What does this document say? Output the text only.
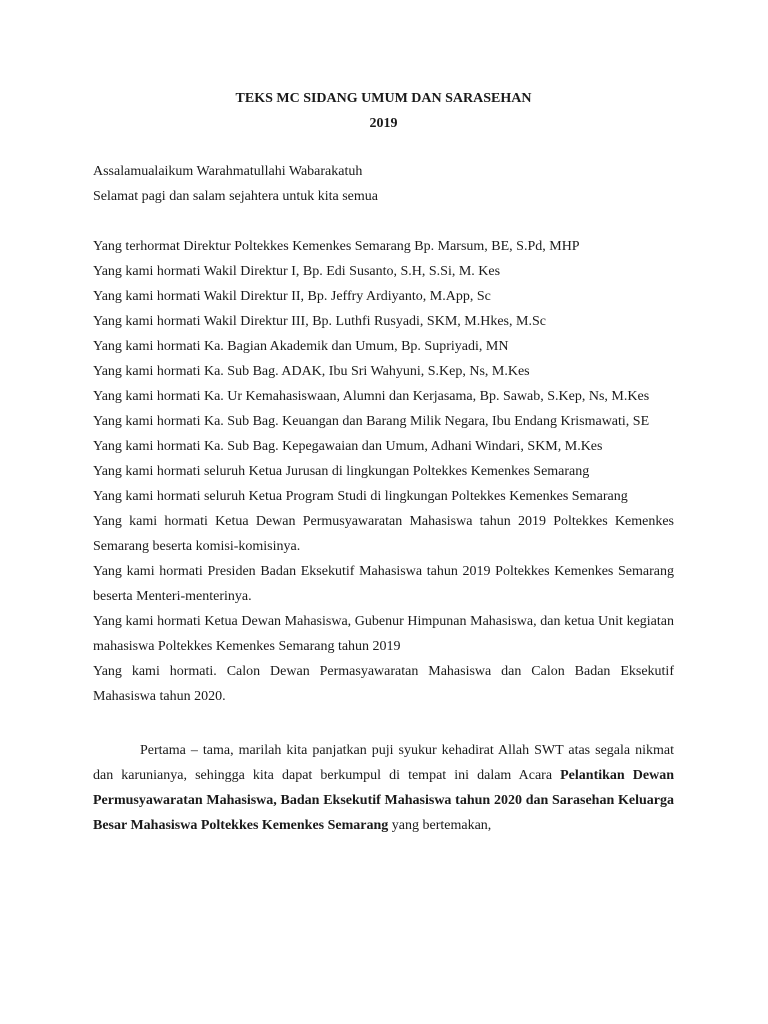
TEKS MC SIDANG UMUM DAN SARASEHAN
2019
Assalamualaikum Warahmatullahi Wabarakatuh
Selamat pagi dan salam sejahtera untuk kita semua
Yang terhormat Direktur Poltekkes Kemenkes Semarang Bp. Marsum, BE, S.Pd, MHP
Yang kami hormati Wakil Direktur I, Bp. Edi Susanto, S.H, S.Si, M. Kes
Yang kami hormati Wakil Direktur II, Bp. Jeffry Ardiyanto, M.App, Sc
Yang kami hormati Wakil Direktur III, Bp. Luthfi Rusyadi, SKM, M.Hkes, M.Sc
Yang kami hormati Ka. Bagian Akademik dan Umum, Bp. Supriyadi, MN
Yang kami hormati Ka. Sub Bag. ADAK, Ibu Sri Wahyuni, S.Kep, Ns, M.Kes
Yang kami hormati Ka. Ur Kemahasiswaan, Alumni dan Kerjasama, Bp. Sawab, S.Kep, Ns, M.Kes
Yang kami hormati Ka. Sub Bag. Keuangan dan Barang Milik Negara, Ibu Endang Krismawati, SE
Yang kami hormati Ka. Sub Bag. Kepegawaian dan Umum, Adhani Windari, SKM, M.Kes
Yang kami hormati seluruh Ketua Jurusan di lingkungan Poltekkes Kemenkes Semarang
Yang kami hormati seluruh Ketua Program Studi di lingkungan Poltekkes Kemenkes Semarang
Yang kami hormati Ketua Dewan Permusyawaratan Mahasiswa tahun 2019 Poltekkes Kemenkes Semarang beserta komisi-komisinya.
Yang kami hormati Presiden Badan Eksekutif Mahasiswa tahun 2019 Poltekkes Kemenkes Semarang beserta Menteri-menterinya.
Yang kami hormati Ketua Dewan Mahasiswa, Gubenur Himpunan Mahasiswa, dan ketua Unit kegiatan mahasiswa Poltekkes Kemenkes Semarang tahun 2019
Yang kami hormati. Calon Dewan Permasyawaratan Mahasiswa dan Calon Badan Eksekutif Mahasiswa tahun 2020.
Pertama – tama, marilah kita panjatkan puji syukur kehadirat Allah SWT atas segala nikmat dan karunianya, sehingga kita dapat berkumpul di tempat ini dalam Acara Pelantikan Dewan Permusyawaratan Mahasiswa, Badan Eksekutif Mahasiswa tahun 2020 dan Sarasehan Keluarga Besar Mahasiswa Poltekkes Kemenkes Semarang yang bertemakan,
